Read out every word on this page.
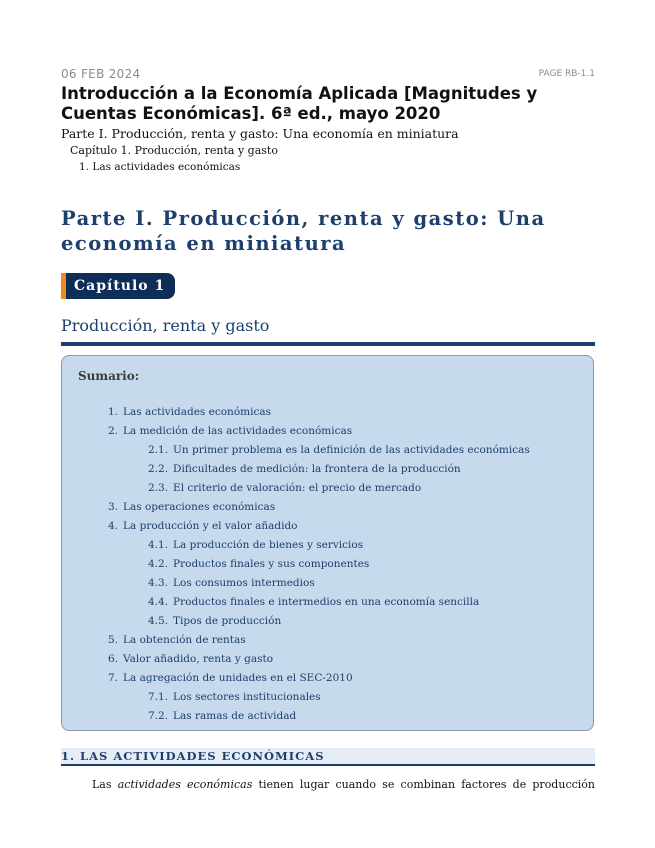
06 FEB 2024	PAGE RB-1.1
Introducción a la Economía Aplicada [Magnitudes y Cuentas Económicas]. 6ª ed., mayo 2020
Parte I. Producción, renta y gasto: Una economía en miniatura
Capítulo 1. Producción, renta y gasto
1. Las actividades económicas
Parte I. Producción, renta y gasto: Una economía en miniatura
Capítulo 1
Producción, renta y gasto
Sumario:
1. Las actividades económicas
2. La medición de las actividades económicas
2.1. Un primer problema es la definición de las actividades económicas
2.2. Dificultades de medición: la frontera de la producción
2.3. El criterio de valoración: el precio de mercado
3. Las operaciones económicas
4. La producción y el valor añadido
4.1. La producción de bienes y servicios
4.2. Productos finales y sus componentes
4.3. Los consumos intermedios
4.4. Productos finales e intermedios en una economía sencilla
4.5. Tipos de producción
5. La obtención de rentas
6. Valor añadido, renta y gasto
7. La agregación de unidades en el SEC-2010
7.1. Los sectores institucionales
7.2. Las ramas de actividad
1. LAS ACTIVIDADES ECONÓMICAS
Las actividades económicas tienen lugar cuando se combinan factores de producción
